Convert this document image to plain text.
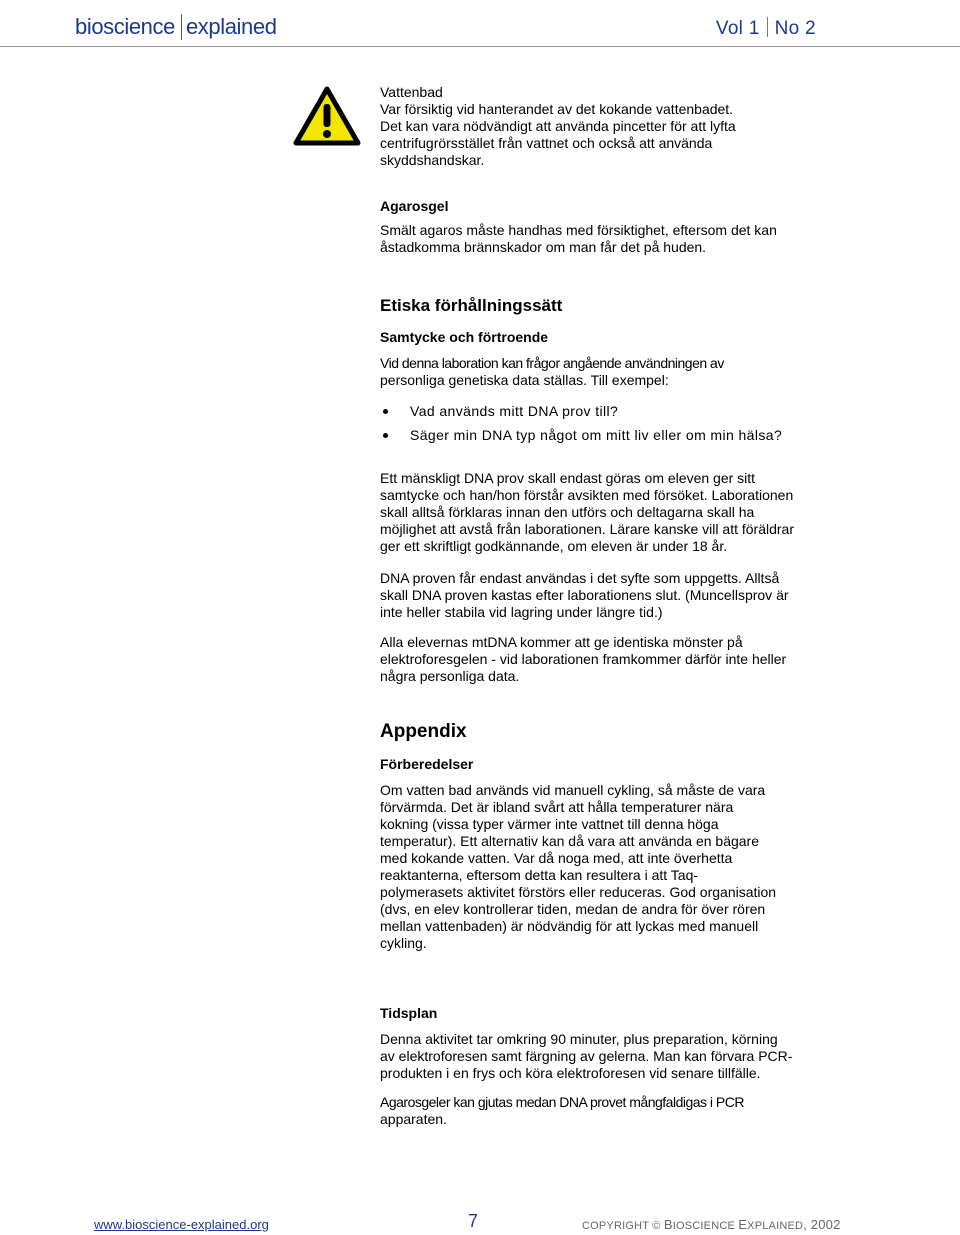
bioscience explained	Vol 1 No 2
Vattenbad
Var försiktig vid hanterandet av det kokande vattenbadet.
Det kan vara nödvändigt att använda pincetter för att lyfta
centrifugrörsstället från vattnet och också att använda
skyddshandskar.
Agarosgel
Smält agaros måste handhas med försiktighet, eftersom det kan
åstadkomma brännskador om man får det på huden.
Etiska förhållningssätt
Samtycke och förtroende
Vid denna laboration kan frågor angående användningen av
personliga genetiska data ställas. Till exempel:
Vad används mitt DNA prov till?
Säger min DNA typ något om mitt liv eller om min hälsa?
Ett mänskligt DNA prov skall endast göras om eleven ger sitt
samtycke och han/hon förstår avsikten med försöket. Laborationen
skall alltså förklaras innan den utförs och deltagarna skall ha
möjlighet att avstå från laborationen. Lärare kanske vill att föräldrar
ger ett skriftligt godkännande, om eleven är under 18 år.
DNA proven får endast användas i det syfte som uppgetts. Alltså
skall DNA proven kastas efter laborationens slut. (Muncellsprov är
inte heller stabila vid lagring under längre tid.)
Alla elevernas mtDNA kommer att ge identiska mönster på
elektroforesgelen - vid laborationen framkommer därför inte heller
några personliga data.
Appendix
Förberedelser
Om vatten bad används vid manuell cykling, så måste de vara
förvärmda. Det är ibland svårt att hålla temperaturer nära
kokning (vissa typer värmer inte vattnet till denna höga
temperatur). Ett alternativ kan då vara att använda en bägare
med kokande vatten. Var då noga med, att inte överhetta
reaktanterna, eftersom detta kan resultera i att Taq-
polymerasets aktivitet förstörs eller reduceras. God organisation
(dvs, en elev kontrollerar tiden, medan de andra för över rören
mellan vattenbaden) är nödvändig för att lyckas med manuell
cykling.
Tidsplan
Denna aktivitet tar omkring 90 minuter, plus preparation, körning
av elektroforesen samt färgning av gelerna. Man kan förvara PCR-
produkten i en frys och köra elektroforesen vid senare tillfälle.
Agarosgeler kan gjutas medan DNA provet mångfaldigas i PCR
apparaten.
www.bioscience-explained.org	7	COPYRIGHT © BIOSCIENCE EXPLAINED, 2002
